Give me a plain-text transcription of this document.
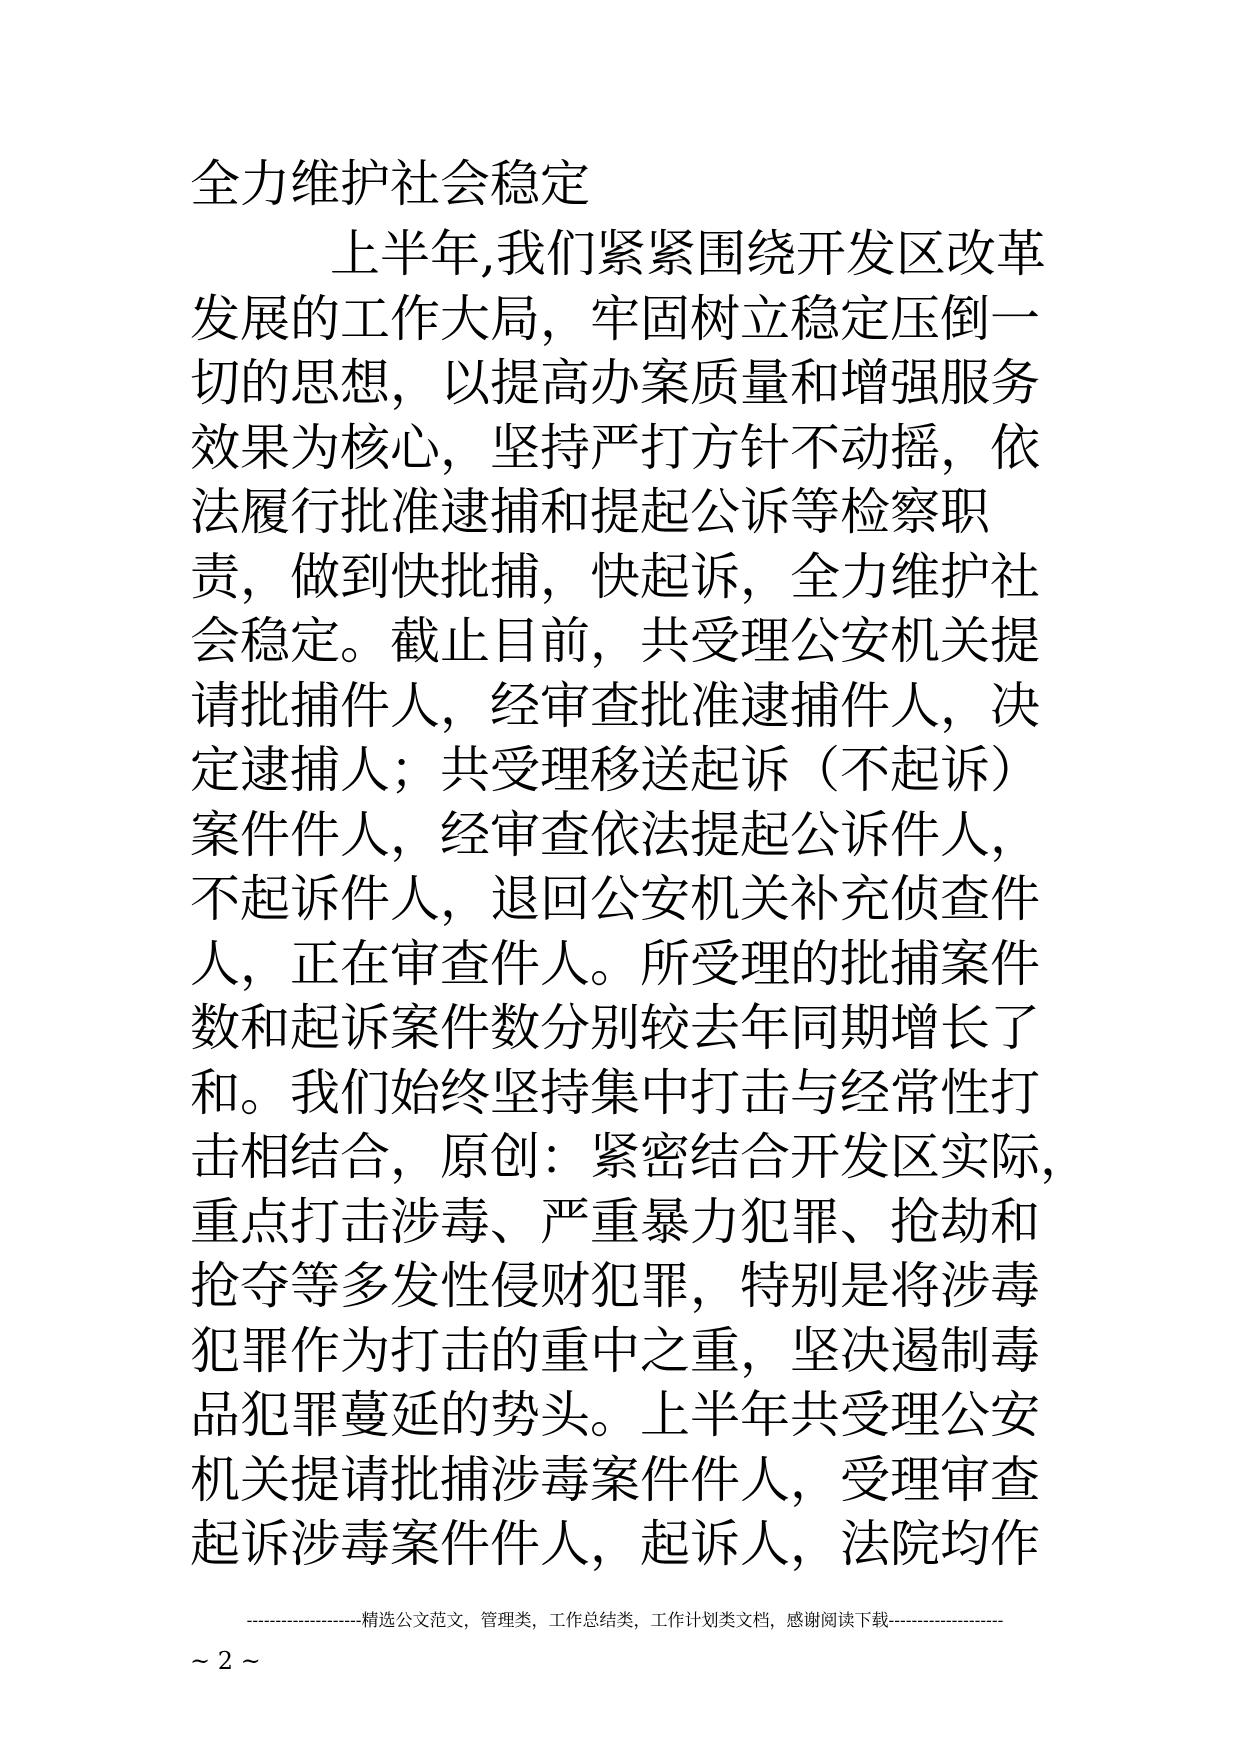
全力维护社会稳定
上半年,我们紧紧围绕开发区改革
发展的工作大局，牢固树立稳定压倒一
切的思想，以提高办案质量和增强服务
效果为核心，坚持严打方针不动摇，依
法履行批准逮捕和提起公诉等检察职
责，做到快批捕，快起诉，全力维护社
会稳定。截止目前，共受理公安机关提
请批捕件人，经审查批准逮捕件人，决
定逮捕人；共受理移送起诉（不起诉）
案件件人，经审查依法提起公诉件人，
不起诉件人，退回公安机关补充侦查件
人，正在审查件人。所受理的批捕案件
数和起诉案件数分别较去年同期增长了
和。我们始终坚持集中打击与经常性打
击相结合，原创：紧密结合开发区实际，
重点打击涉毒、严重暴力犯罪、抢劫和
抢夺等多发性侵财犯罪，特别是将涉毒
犯罪作为打击的重中之重，坚决遏制毒
品犯罪蔓延的势头。上半年共受理公安
机关提请批捕涉毒案件件人，受理审查
起诉涉毒案件件人，起诉人，法院均作
--------------------精选公文范文，管理类，工作总结类，工作计划类文档，感谢阅读下载--------------------
~ 2 ~
